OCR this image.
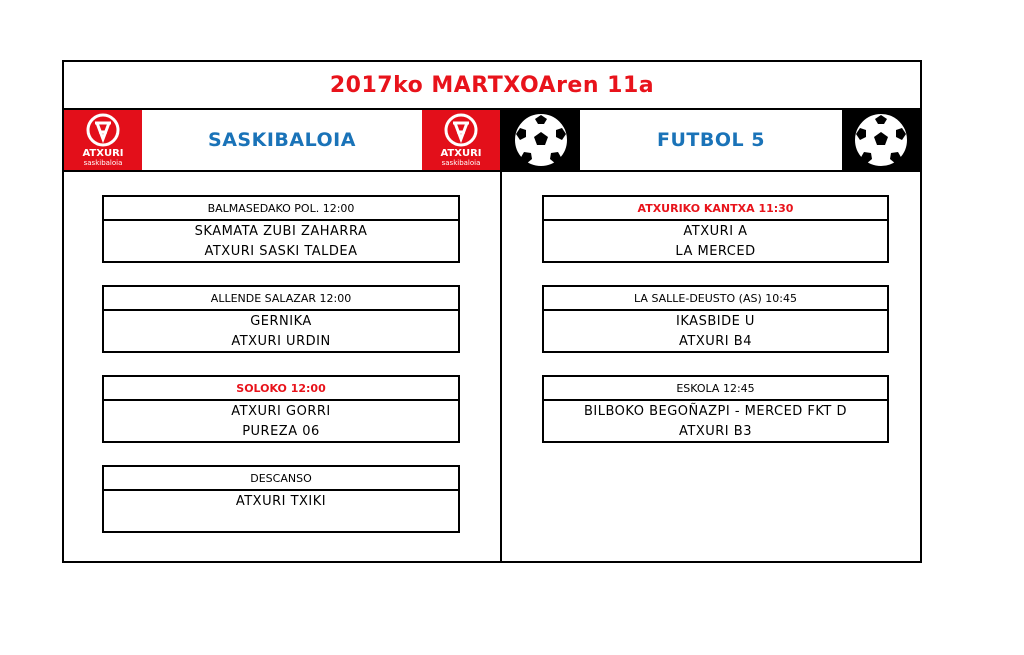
2017ko MARTXOAren 11a
ATXURI
saskibaloia
SASKIBALOIA
ATXURI
saskibaloia
FUTBOL 5
BALMASEDAKO POL. 12:00
SKAMATA ZUBI ZAHARRA
ATXURI SASKI TALDEA
ALLENDE SALAZAR 12:00
GERNIKA
ATXURI URDIN
SOLOKO 12:00
ATXURI GORRI
PUREZA 06
DESCANSO
ATXURI TXIKI
ATXURIKO KANTXA 11:30
ATXURI A
LA MERCED
LA SALLE-DEUSTO (AS) 10:45
IKASBIDE U
ATXURI B4
ESKOLA 12:45
BILBOKO BEGOÑAZPI - MERCED FKT D
ATXURI B3
